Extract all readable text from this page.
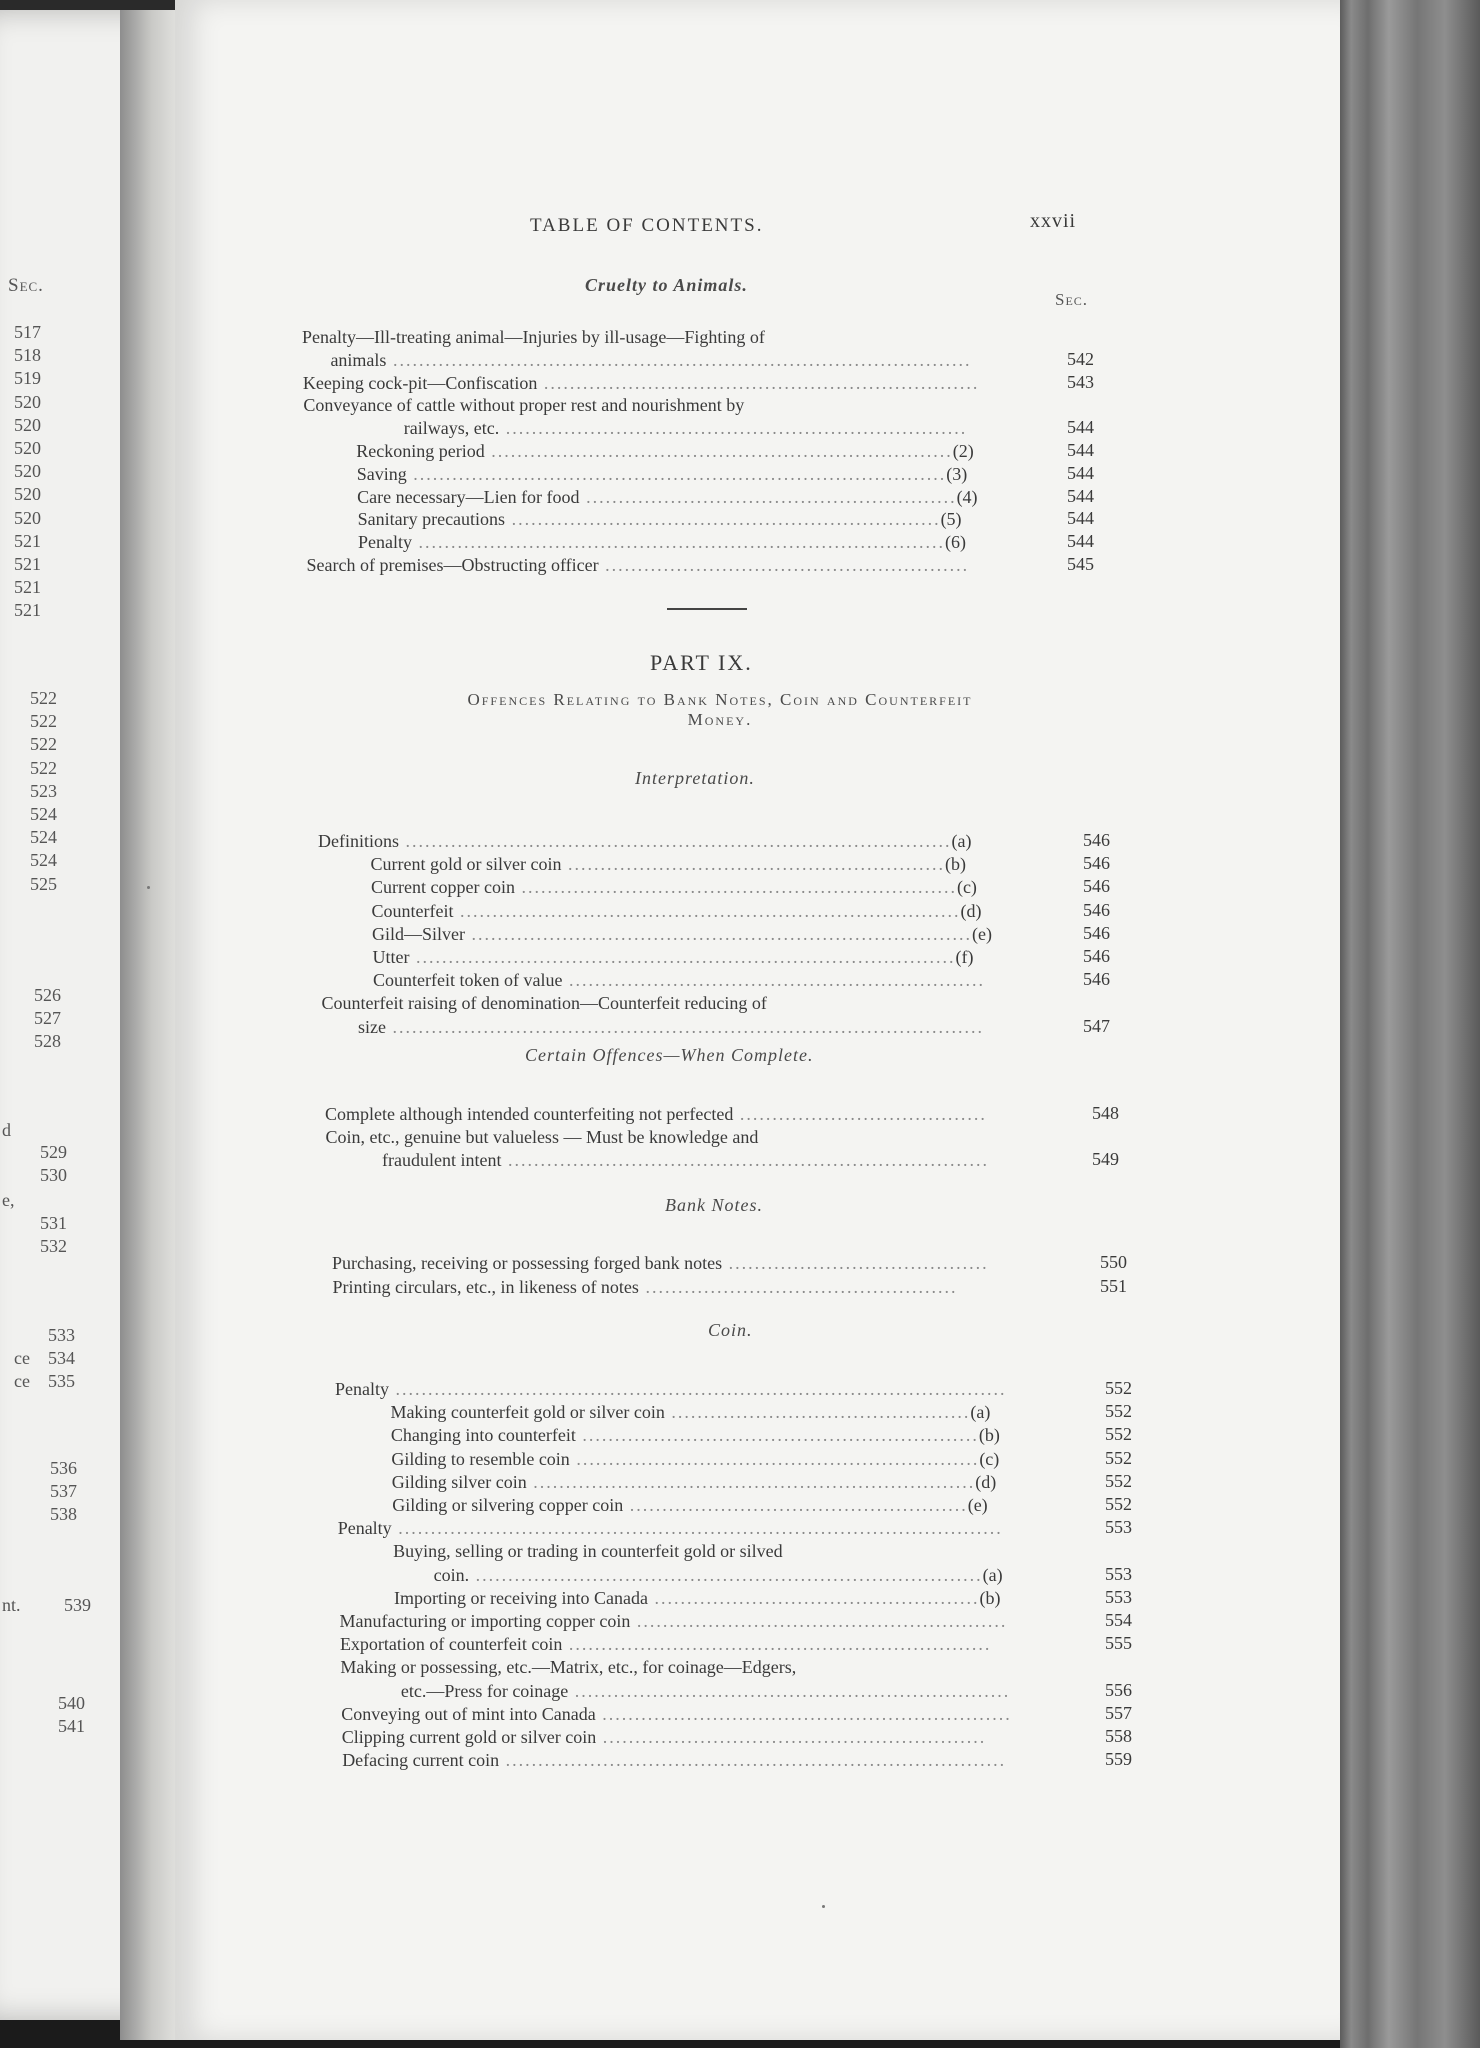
Sec.
517
518
519
520
520
520
520
520
520
521
521
521
521
522
522
522
522
523
524
524
524
525
526
527
528
d
529
530
e,
531
532
533
534
535
ce
ce
536
537
538
nt. 539
540
541
TABLE OF CONTENTS.	xxvii
Sec.
Cruelty to Animals.
Penalty—Ill-treating animal—Injuries by ill-usage—Fighting of
animals .........................................................................................	542
Keeping cock-pit—Confiscation ...................................................................	543
Conveyance of cattle without proper rest and nourishment by
railways, etc. .......................................................................	544
Reckoning period .......................................................................(2)	544
Saving ..................................................................................(3)	544
Care necessary—Lien for food .........................................................(4)	544
Sanitary precautions ..................................................................(5)	544
Penalty .................................................................................(6)	544
Search of premises—Obstructing officer ........................................................	545
PART IX.
Offences Relating to Bank Notes, Coin and Counterfeit
Money.
Interpretation.
Definitions ....................................................................................(a)	546
Current gold or silver coin ..........................................................(b)	546
Current copper coin ...................................................................(c)	546
Counterfeit .............................................................................(d)	546
Gild—Silver .............................................................................(e)	546
Utter ...................................................................................(f)	546
Counterfeit token of value ................................................................	546
Counterfeit raising of denomination—Counterfeit reducing of
size ...........................................................................................	547
Certain Offences—When Complete.
Complete although intended counterfeiting not perfected ......................................	548
Coin, etc., genuine but valueless — Must be knowledge and
fraudulent intent ..........................................................................	549
Bank Notes.
Purchasing, receiving or possessing forged bank notes ........................................	550
Printing circulars, etc., in likeness of notes ................................................	551
Coin.
Penalty ..............................................................................................	552
Making counterfeit gold or silver coin ..............................................(a)	552
Changing into counterfeit .............................................................(b)	552
Gilding to resemble coin ..............................................................(c)	552
Gilding silver coin ....................................................................(d)	552
Gilding or silvering copper coin ....................................................(e)	552
Penalty .............................................................................................	553
Buying, selling or trading in counterfeit gold or silved
coin. ..............................................................................(a)	553
Importing or receiving into Canada ..................................................(b)	553
Manufacturing or importing copper coin .........................................................	554
Exportation of counterfeit coin .................................................................	555
Making or possessing, etc.—Matrix, etc., for coinage—Edgers,
etc.—Press for coinage ...................................................................	556
Conveying out of mint into Canada ...............................................................	557
Clipping current gold or silver coin ...........................................................	558
Defacing current coin .............................................................................	559
